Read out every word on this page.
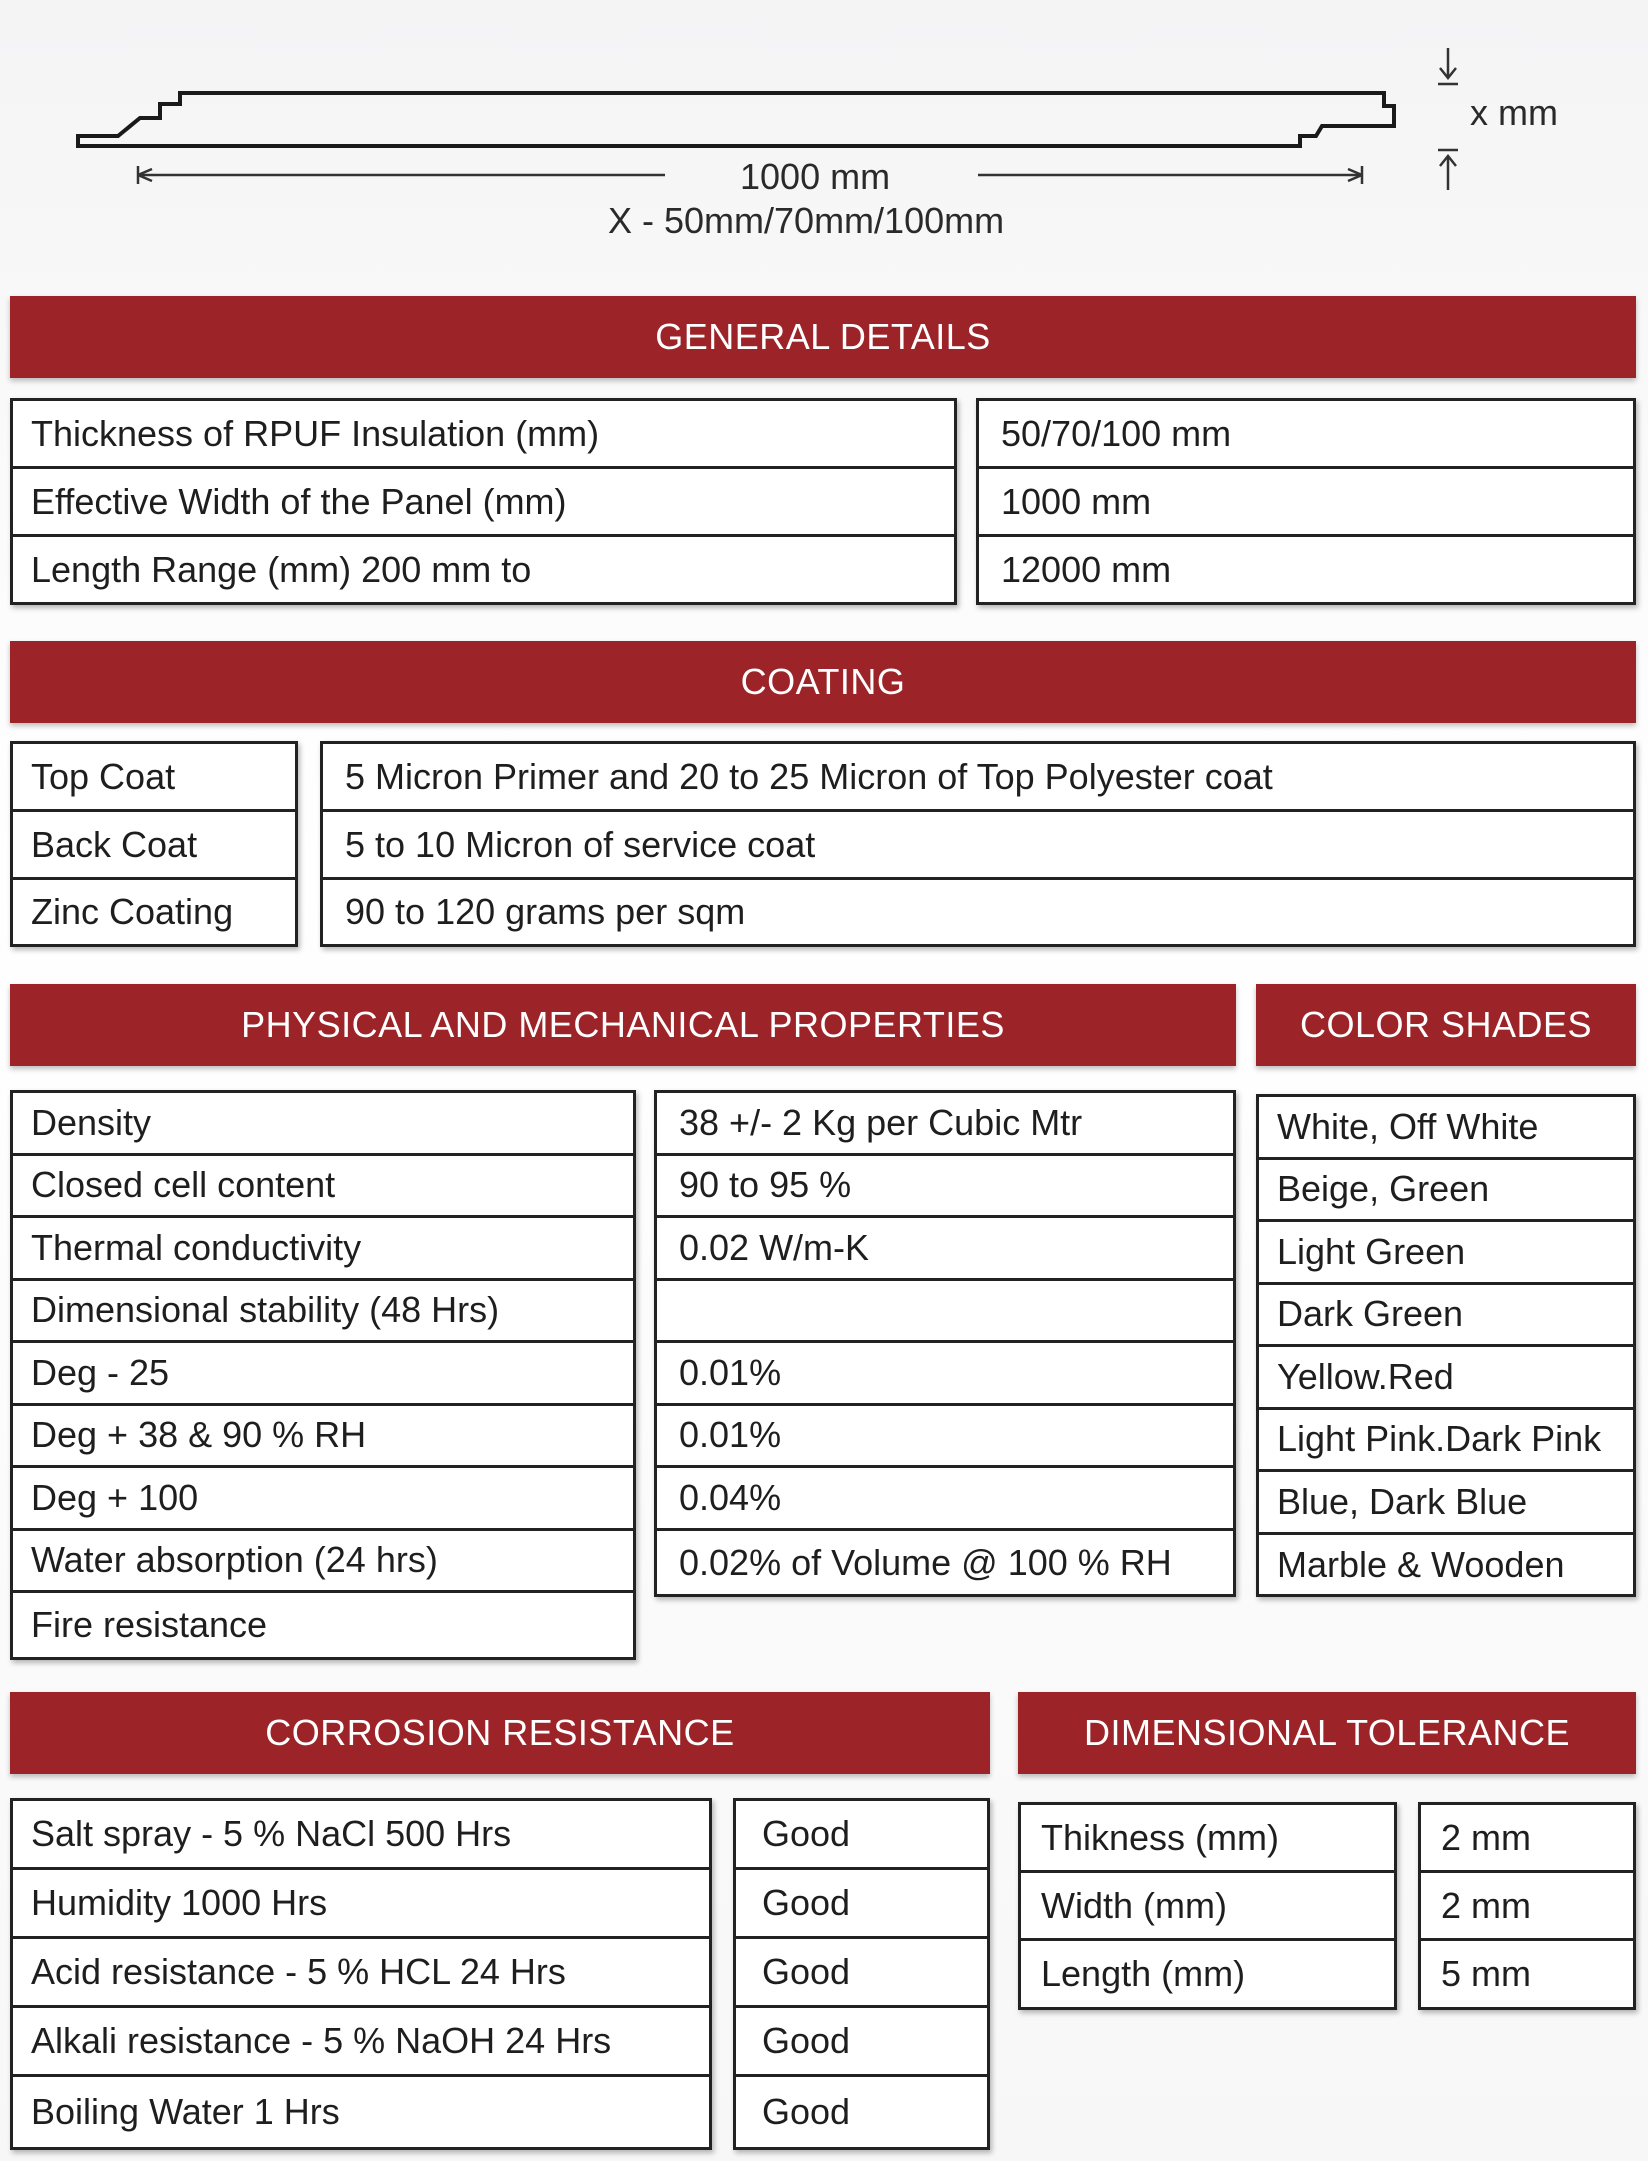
1000 mm
X - 50mm/70mm/100mm
x mm
GENERAL DETAILS
Thickness of RPUF Insulation (mm)
Effective Width of the Panel (mm)
Length Range (mm) 200 mm to
50/70/100 mm
1000 mm
12000 mm
COATING
Top Coat
Back Coat
Zinc Coating
5 Micron Primer and 20 to 25 Micron of Top Polyester coat
5 to 10 Micron of service coat
90 to 120 grams per sqm
PHYSICAL AND MECHANICAL PROPERTIES
Density
Closed cell content
Thermal conductivity
Dimensional stability (48 Hrs)
Deg - 25
Deg + 38 & 90 % RH
Deg + 100
Water absorption (24 hrs)
Fire resistance
38 +/- 2 Kg per Cubic Mtr
90 to 95 %
0.02 W/m-K
0.01%
0.01%
0.04%
0.02% of Volume @ 100 % RH
COLOR SHADES
White, Off White
Beige, Green
Light Green
Dark Green
Yellow.Red
Light Pink.Dark Pink
Blue, Dark Blue
Marble & Wooden
CORROSION RESISTANCE
Salt spray - 5 % NaCl 500 Hrs
Humidity 1000 Hrs
Acid resistance - 5 % HCL 24 Hrs
Alkali resistance - 5 % NaOH 24 Hrs
Boiling Water 1 Hrs
Good
Good
Good
Good
Good
DIMENSIONAL TOLERANCE
Thikness (mm)
Width (mm)
Length (mm)
2 mm
2 mm
5 mm
